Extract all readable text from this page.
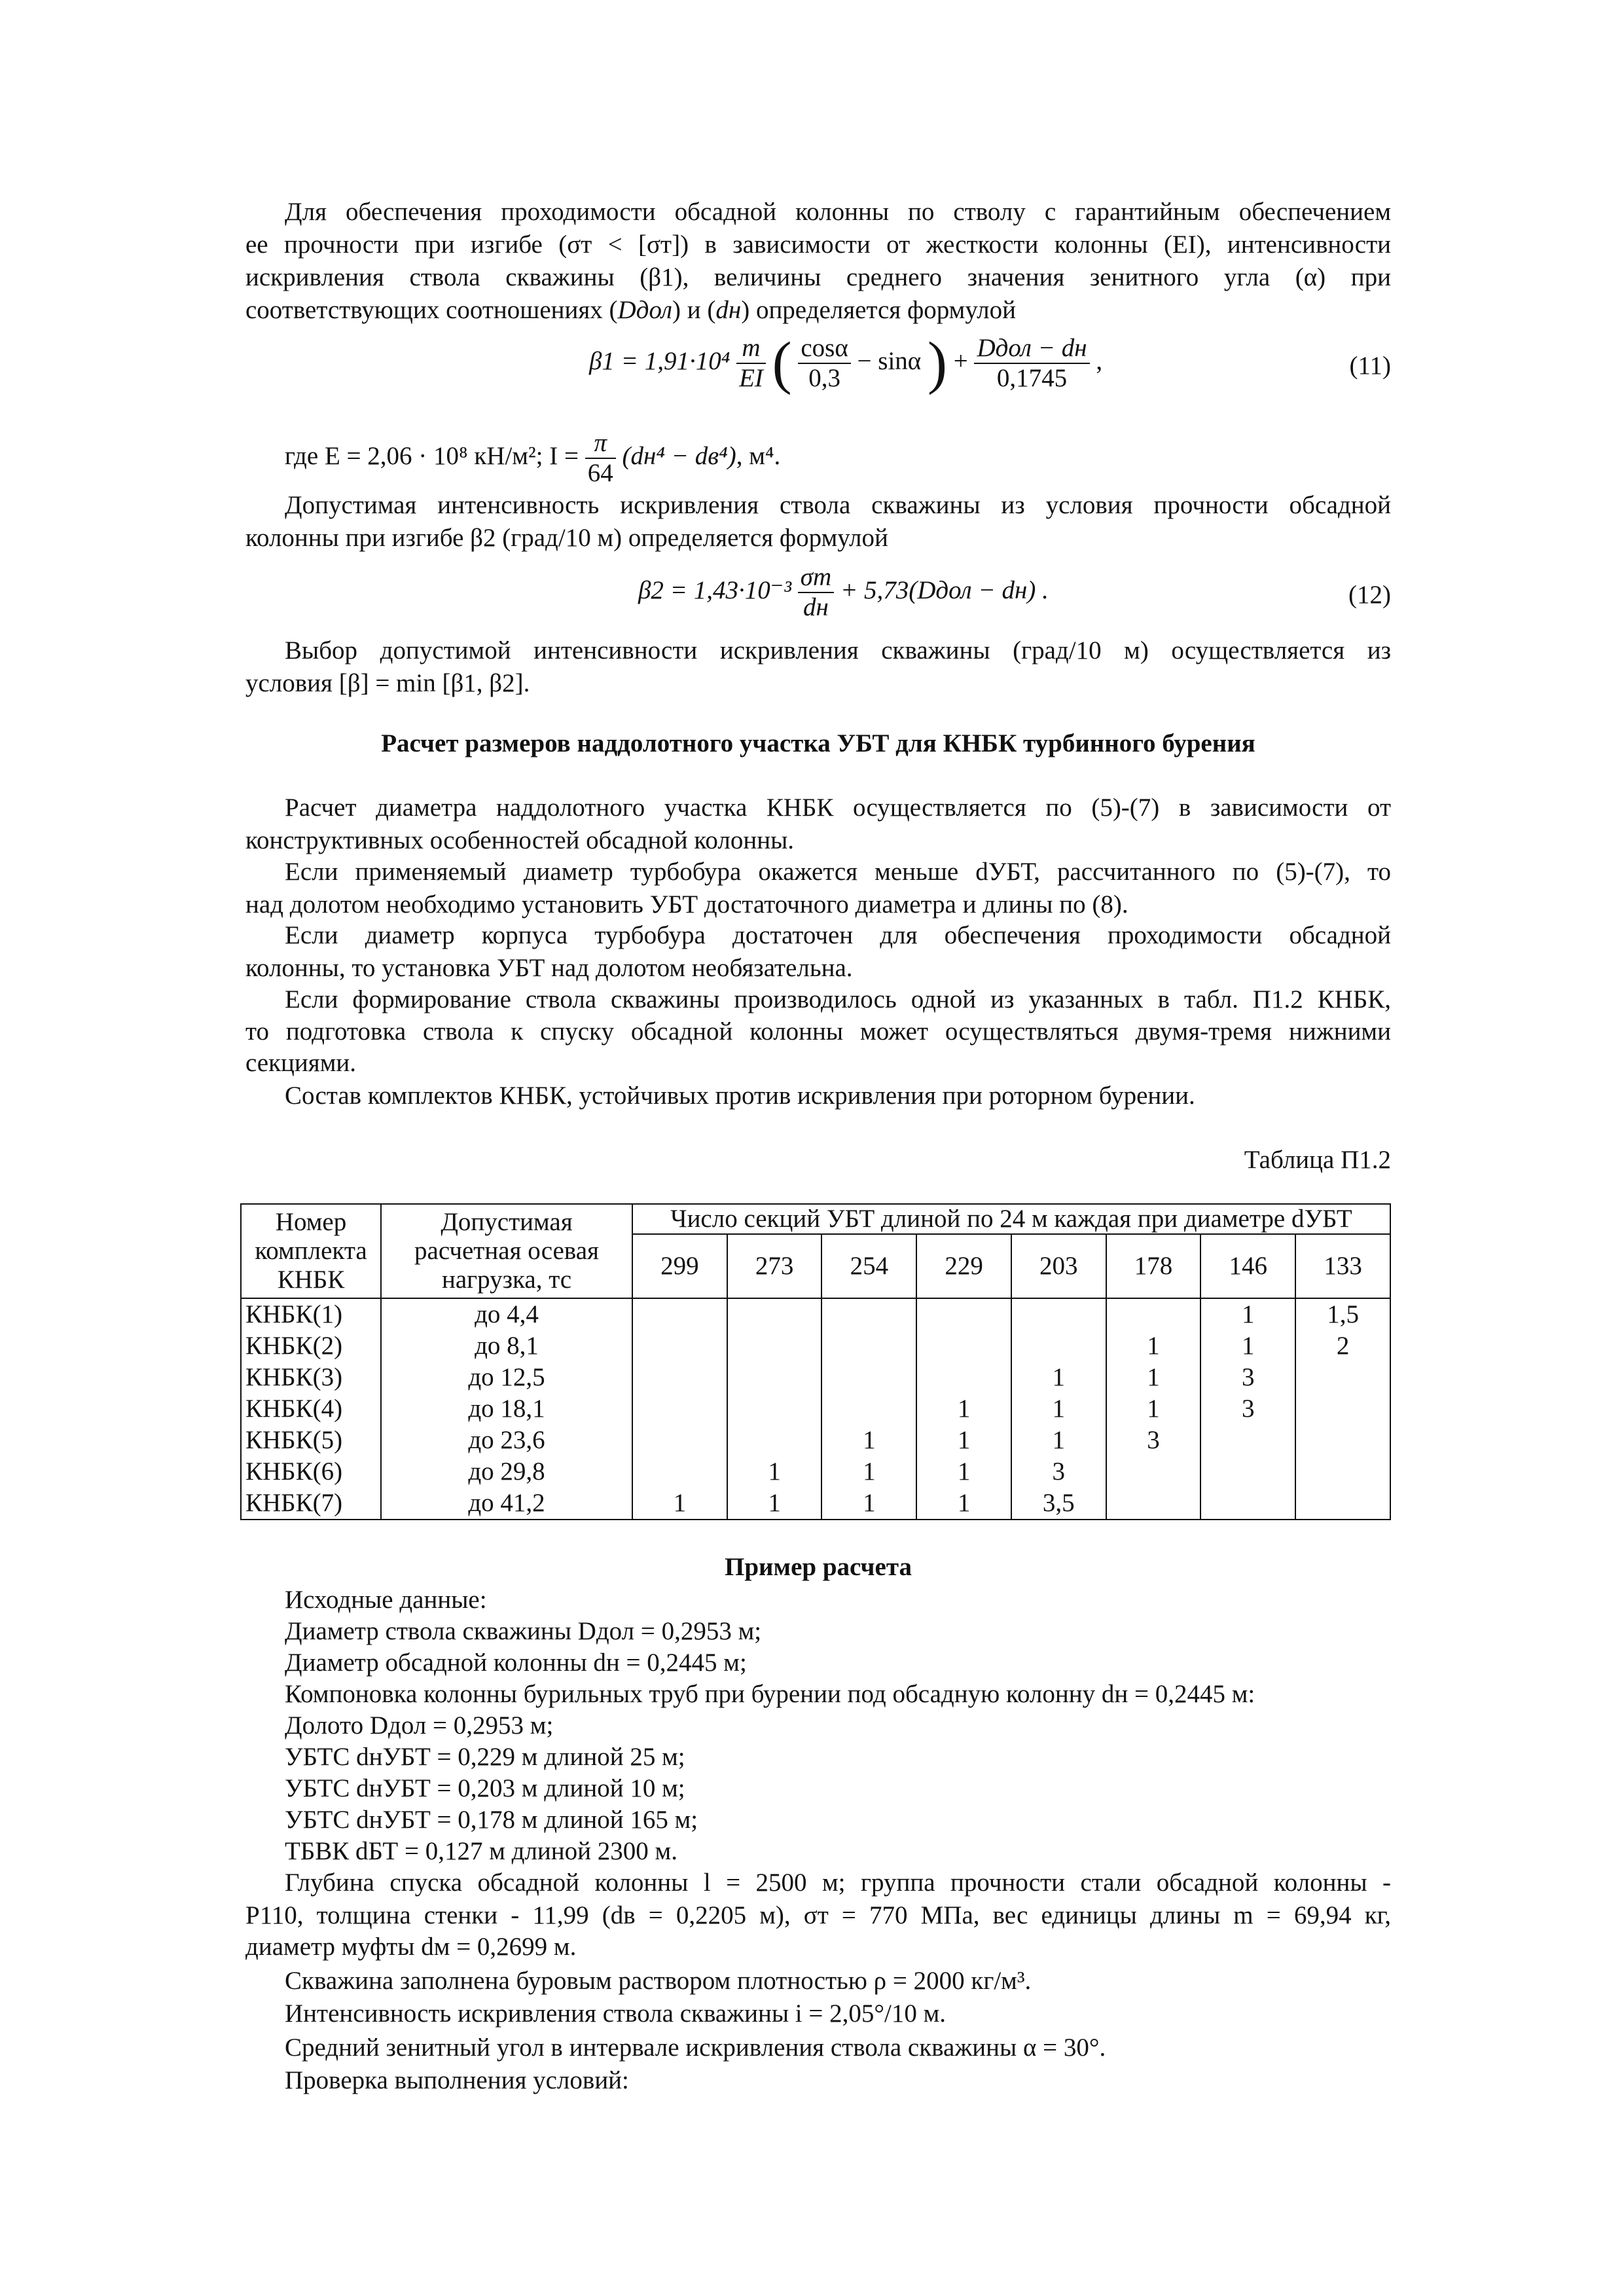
Для обеспечения проходимости обсадной колонны по стволу с гарантийным обеспечением
ее прочности при изгибе (σт < [σт]) в зависимости от жесткости колонны (EI), интенсивности
искривления ствола скважины (β1), величины среднего значения зенитного угла (α) при
соответствующих соотношениях (Dдол) и (dн) определяется формулой
$\beta 1 = 1,91\cdot 10^4 \frac{m}{EI}$ ( $\frac{\cos\alpha}{0,3} - \sin\alpha$ ) + $\frac{\text{Dдол − dн}}{0,1745}$ ,	(11)
где E = 2,06 · 10⁸ кН/м²; $I = \frac{\pi}{64} (dн^4 - dв^4)$, м⁴.
Допустимая интенсивность искривления ствола скважины из условия прочности обсадной
колонны при изгибе β2 (град/10 м) определяется формулой
$\beta 2 = 1,43\cdot 10^{-3} \frac{\sigma т}{dн}$ + 5,73(Dдол − dн) .	(12)
Выбор допустимой интенсивности искривления скважины (град/10 м) осуществляется из
условия [β] = min [β1, β2].
Расчет размеров наддолотного участка УБТ для КНБК турбинного бурения
Расчет диаметра наддолотного участка КНБК осуществляется по (5)-(7) в зависимости от
конструктивных особенностей обсадной колонны.
Если применяемый диаметр турбобура окажется меньше dУБТ, рассчитанного по (5)-(7), то
над долотом необходимо установить УБТ достаточного диаметра и длины по (8).
Если диаметр корпуса турбобура достаточен для обеспечения проходимости обсадной
колонны, то установка УБТ над долотом необязательна.
Если формирование ствола скважины производилось одной из указанных в табл. П1.2 КНБК,
то подготовка ствола к спуску обсадной колонны может осуществляться двумя-тремя нижними
секциями.
Состав комплектов КНБК, устойчивых против искривления при роторном бурении.
Таблица П1.2
Номер комплекта КНБК	Допустимая расчетная осевая нагрузка, тс	Число секций УБТ длиной по 24 м каждая при диаметре dУБТ							
		299	273	254	229	203	178	146	133
КНБК(1)	до 4,4							1	1,5
КНБК(2)	до 8,1						1	1	2
КНБК(3)	до 12,5					1	1	3	
КНБК(4)	до 18,1				1	1	1	3	
КНБК(5)	до 23,6			1	1	1	3		
КНБК(6)	до 29,8		1	1	1	3			
КНБК(7)	до 41,2	1	1	1	1	3,5			
Пример расчета
Исходные данные:
Диаметр ствола скважины Dдол = 0,2953 м;
Диаметр обсадной колонны dн = 0,2445 м;
Компоновка колонны бурильных труб при бурении под обсадную колонну dн = 0,2445 м:
Долото Dдол = 0,2953 м;
УБТС dнУБТ = 0,229 м длиной 25 м;
УБТС dнУБТ = 0,203 м длиной 10 м;
УБТС dнУБТ = 0,178 м длиной 165 м;
ТБВК dБТ = 0,127 м длиной 2300 м.
Глубина спуска обсадной колонны l = 2500 м; группа прочности стали обсадной колонны -
Р110, толщина стенки - 11,99 (dв = 0,2205 м), σт = 770 МПа, вес единицы длины m = 69,94 кг,
диаметр муфты dм = 0,2699 м.
Скважина заполнена буровым раствором плотностью ρ = 2000 кг/м³.
Интенсивность искривления ствола скважины i = 2,05°/10 м.
Средний зенитный угол в интервале искривления ствола скважины α = 30°.
Проверка выполнения условий:
